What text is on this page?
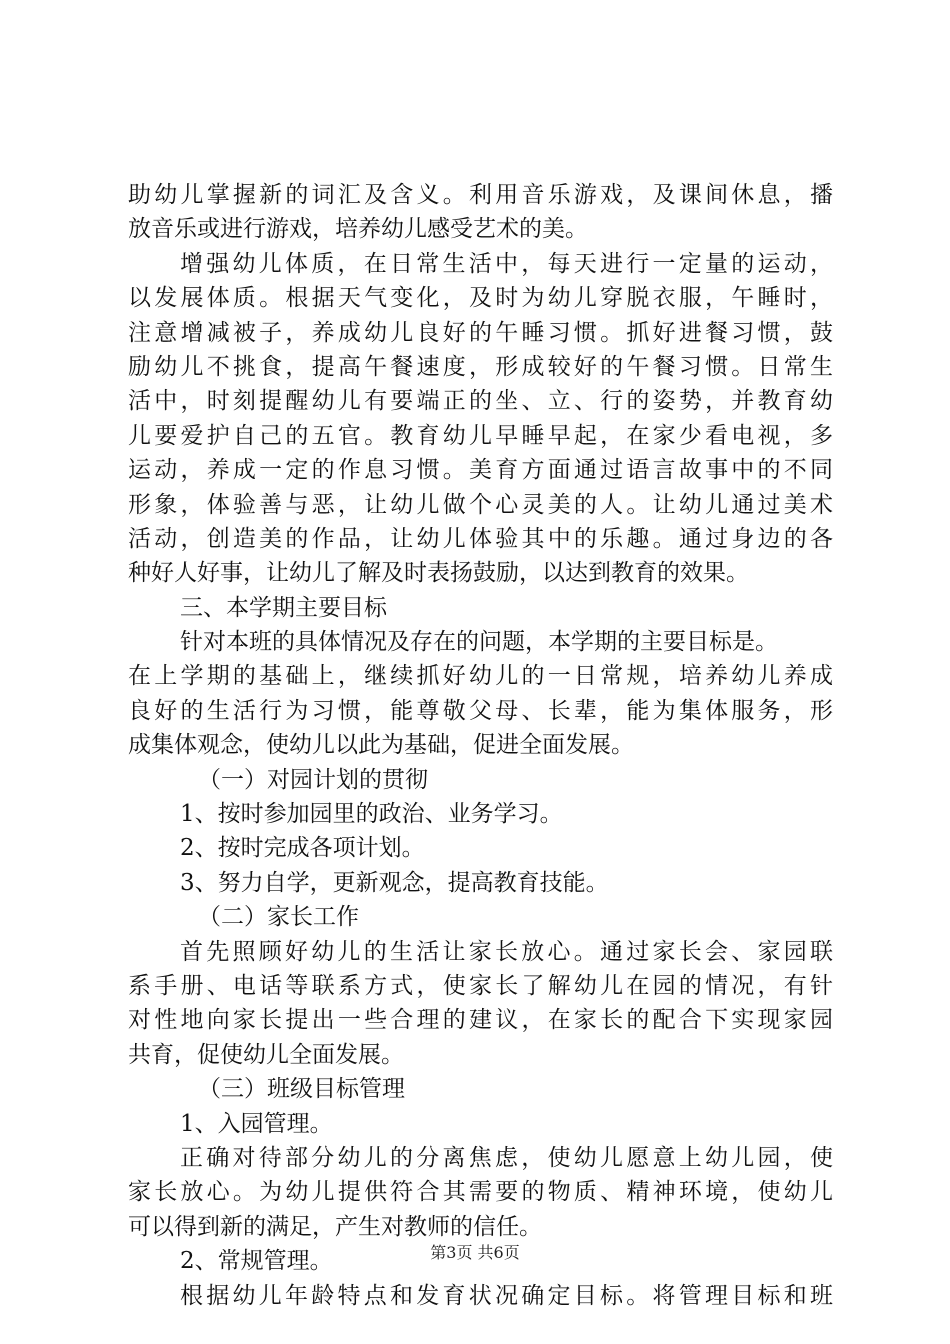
助幼儿掌握新的词汇及含义。利用音乐游戏，及课间休息，播
放音乐或进行游戏，培养幼儿感受艺术的美。
增强幼儿体质，在日常生活中，每天进行一定量的运动，
以发展体质。根据天气变化，及时为幼儿穿脱衣服，午睡时，
注意增减被子，养成幼儿良好的午睡习惯。抓好进餐习惯，鼓
励幼儿不挑食，提高午餐速度，形成较好的午餐习惯。日常生
活中，时刻提醒幼儿有要端正的坐、立、行的姿势，并教育幼
儿要爱护自己的五官。教育幼儿早睡早起，在家少看电视，多
运动，养成一定的作息习惯。美育方面通过语言故事中的不同
形象，体验善与恶，让幼儿做个心灵美的人。让幼儿通过美术
活动，创造美的作品，让幼儿体验其中的乐趣。通过身边的各
种好人好事，让幼儿了解及时表扬鼓励，以达到教育的效果。
三、本学期主要目标
针对本班的具体情况及存在的问题，本学期的主要目标是。
在上学期的基础上，继续抓好幼儿的一日常规，培养幼儿养成
良好的生活行为习惯，能尊敬父母、长辈，能为集体服务，形
成集体观念，使幼儿以此为基础，促进全面发展。
（一）对园计划的贯彻
1、按时参加园里的政治、业务学习。
2、按时完成各项计划。
3、努力自学，更新观念，提高教育技能。
（二）家长工作
首先照顾好幼儿的生活让家长放心。通过家长会、家园联
系手册、电话等联系方式，使家长了解幼儿在园的情况，有针
对性地向家长提出一些合理的建议，在家长的配合下实现家园
共育，促使幼儿全面发展。
（三）班级目标管理
1、入园管理。
正确对待部分幼儿的分离焦虑，使幼儿愿意上幼儿园，使
家长放心。为幼儿提供符合其需要的物质、精神环境，使幼儿
可以得到新的满足，产生对教师的信任。
2、常规管理。
根据幼儿年龄特点和发育状况确定目标。将管理目标和班
第3页 共6页
